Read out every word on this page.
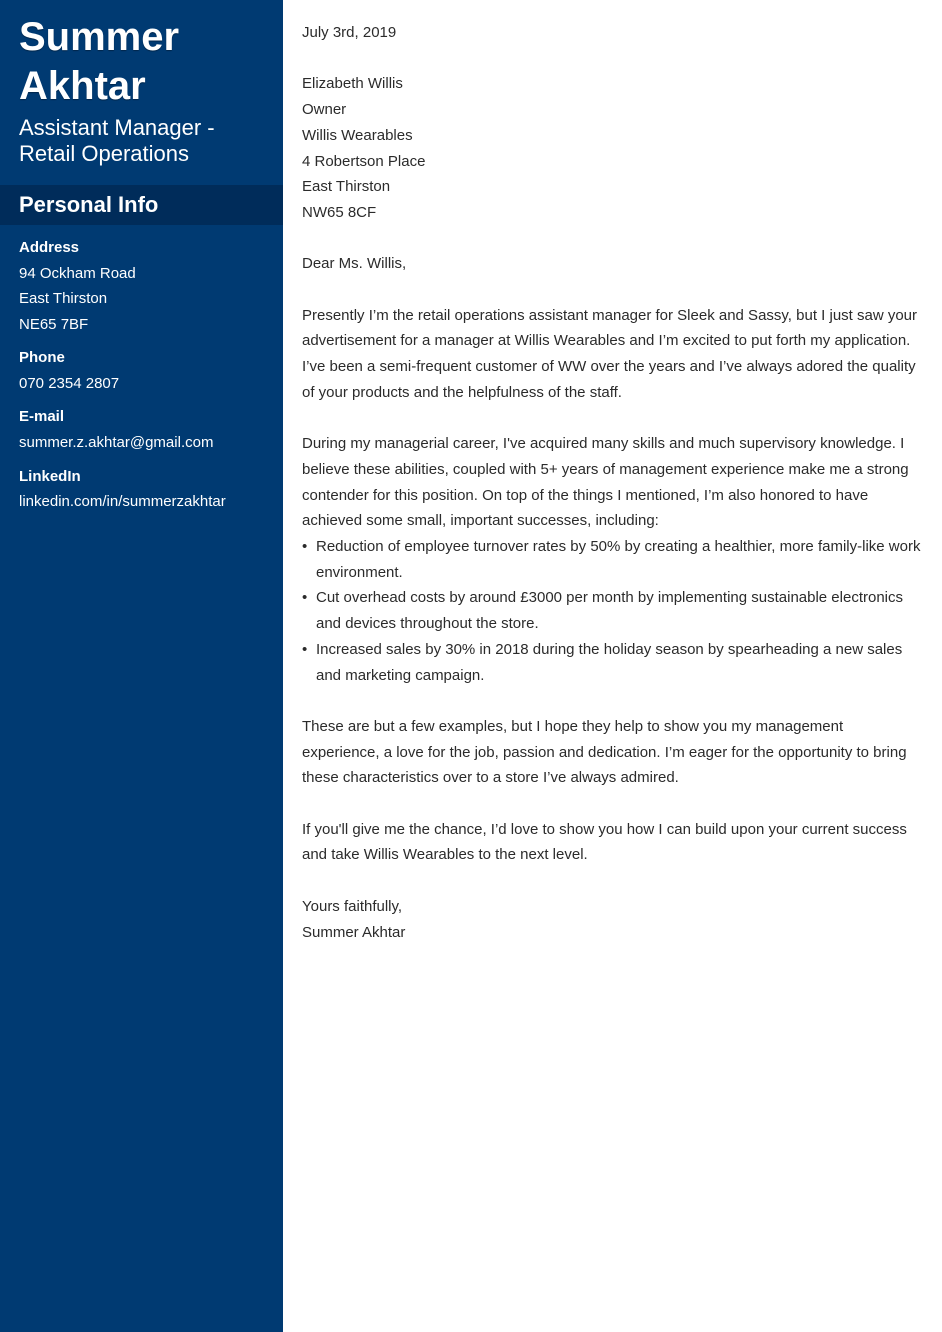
Summer
Akhtar
Assistant Manager -
Retail Operations
Personal Info
Address
94 Ockham Road
East Thirston
NE65 7BF
Phone
070 2354 2807
E-mail
summer.z.akhtar@gmail.com
LinkedIn
linkedin.com/in/summerzakhtar

July 3rd, 2019

Elizabeth Willis

Owner

Willis Wearables

4 Robertson Place

East Thirston

NW65 8CF

Dear Ms. Willis,

Presently I’m the retail operations assistant manager for Sleek and Sassy, but I just saw your advertisement for a manager at Willis Wearables and I’m excited to put forth my application. I’ve been a semi-frequent customer of WW over the years and I’ve always adored the quality of your products and the helpfulness of the staff.

During my managerial career, I've acquired many skills and much supervisory knowledge. I believe these abilities, coupled with 5+ years of management experience make me a strong contender for this position. On top of the things I mentioned, I’m also honored to have achieved some small, important successes, including:

• Reduction of employee turnover rates by 50% by creating a healthier, more family-like work environment.
• Cut overhead costs by around £3000 per month by implementing sustainable electronics and devices throughout the store.
• Increased sales by 30% in 2018 during the holiday season by spearheading a new sales and marketing campaign.

These are but a few examples, but I hope they help to show you my management experience, a love for the job, passion and dedication. I’m eager for the opportunity to bring these characteristics over to a store I’ve always admired.

If you'll give me the chance, I’d love to show you how I can build upon your current success and take Willis Wearables to the next level.

Yours faithfully,

Summer Akhtar
